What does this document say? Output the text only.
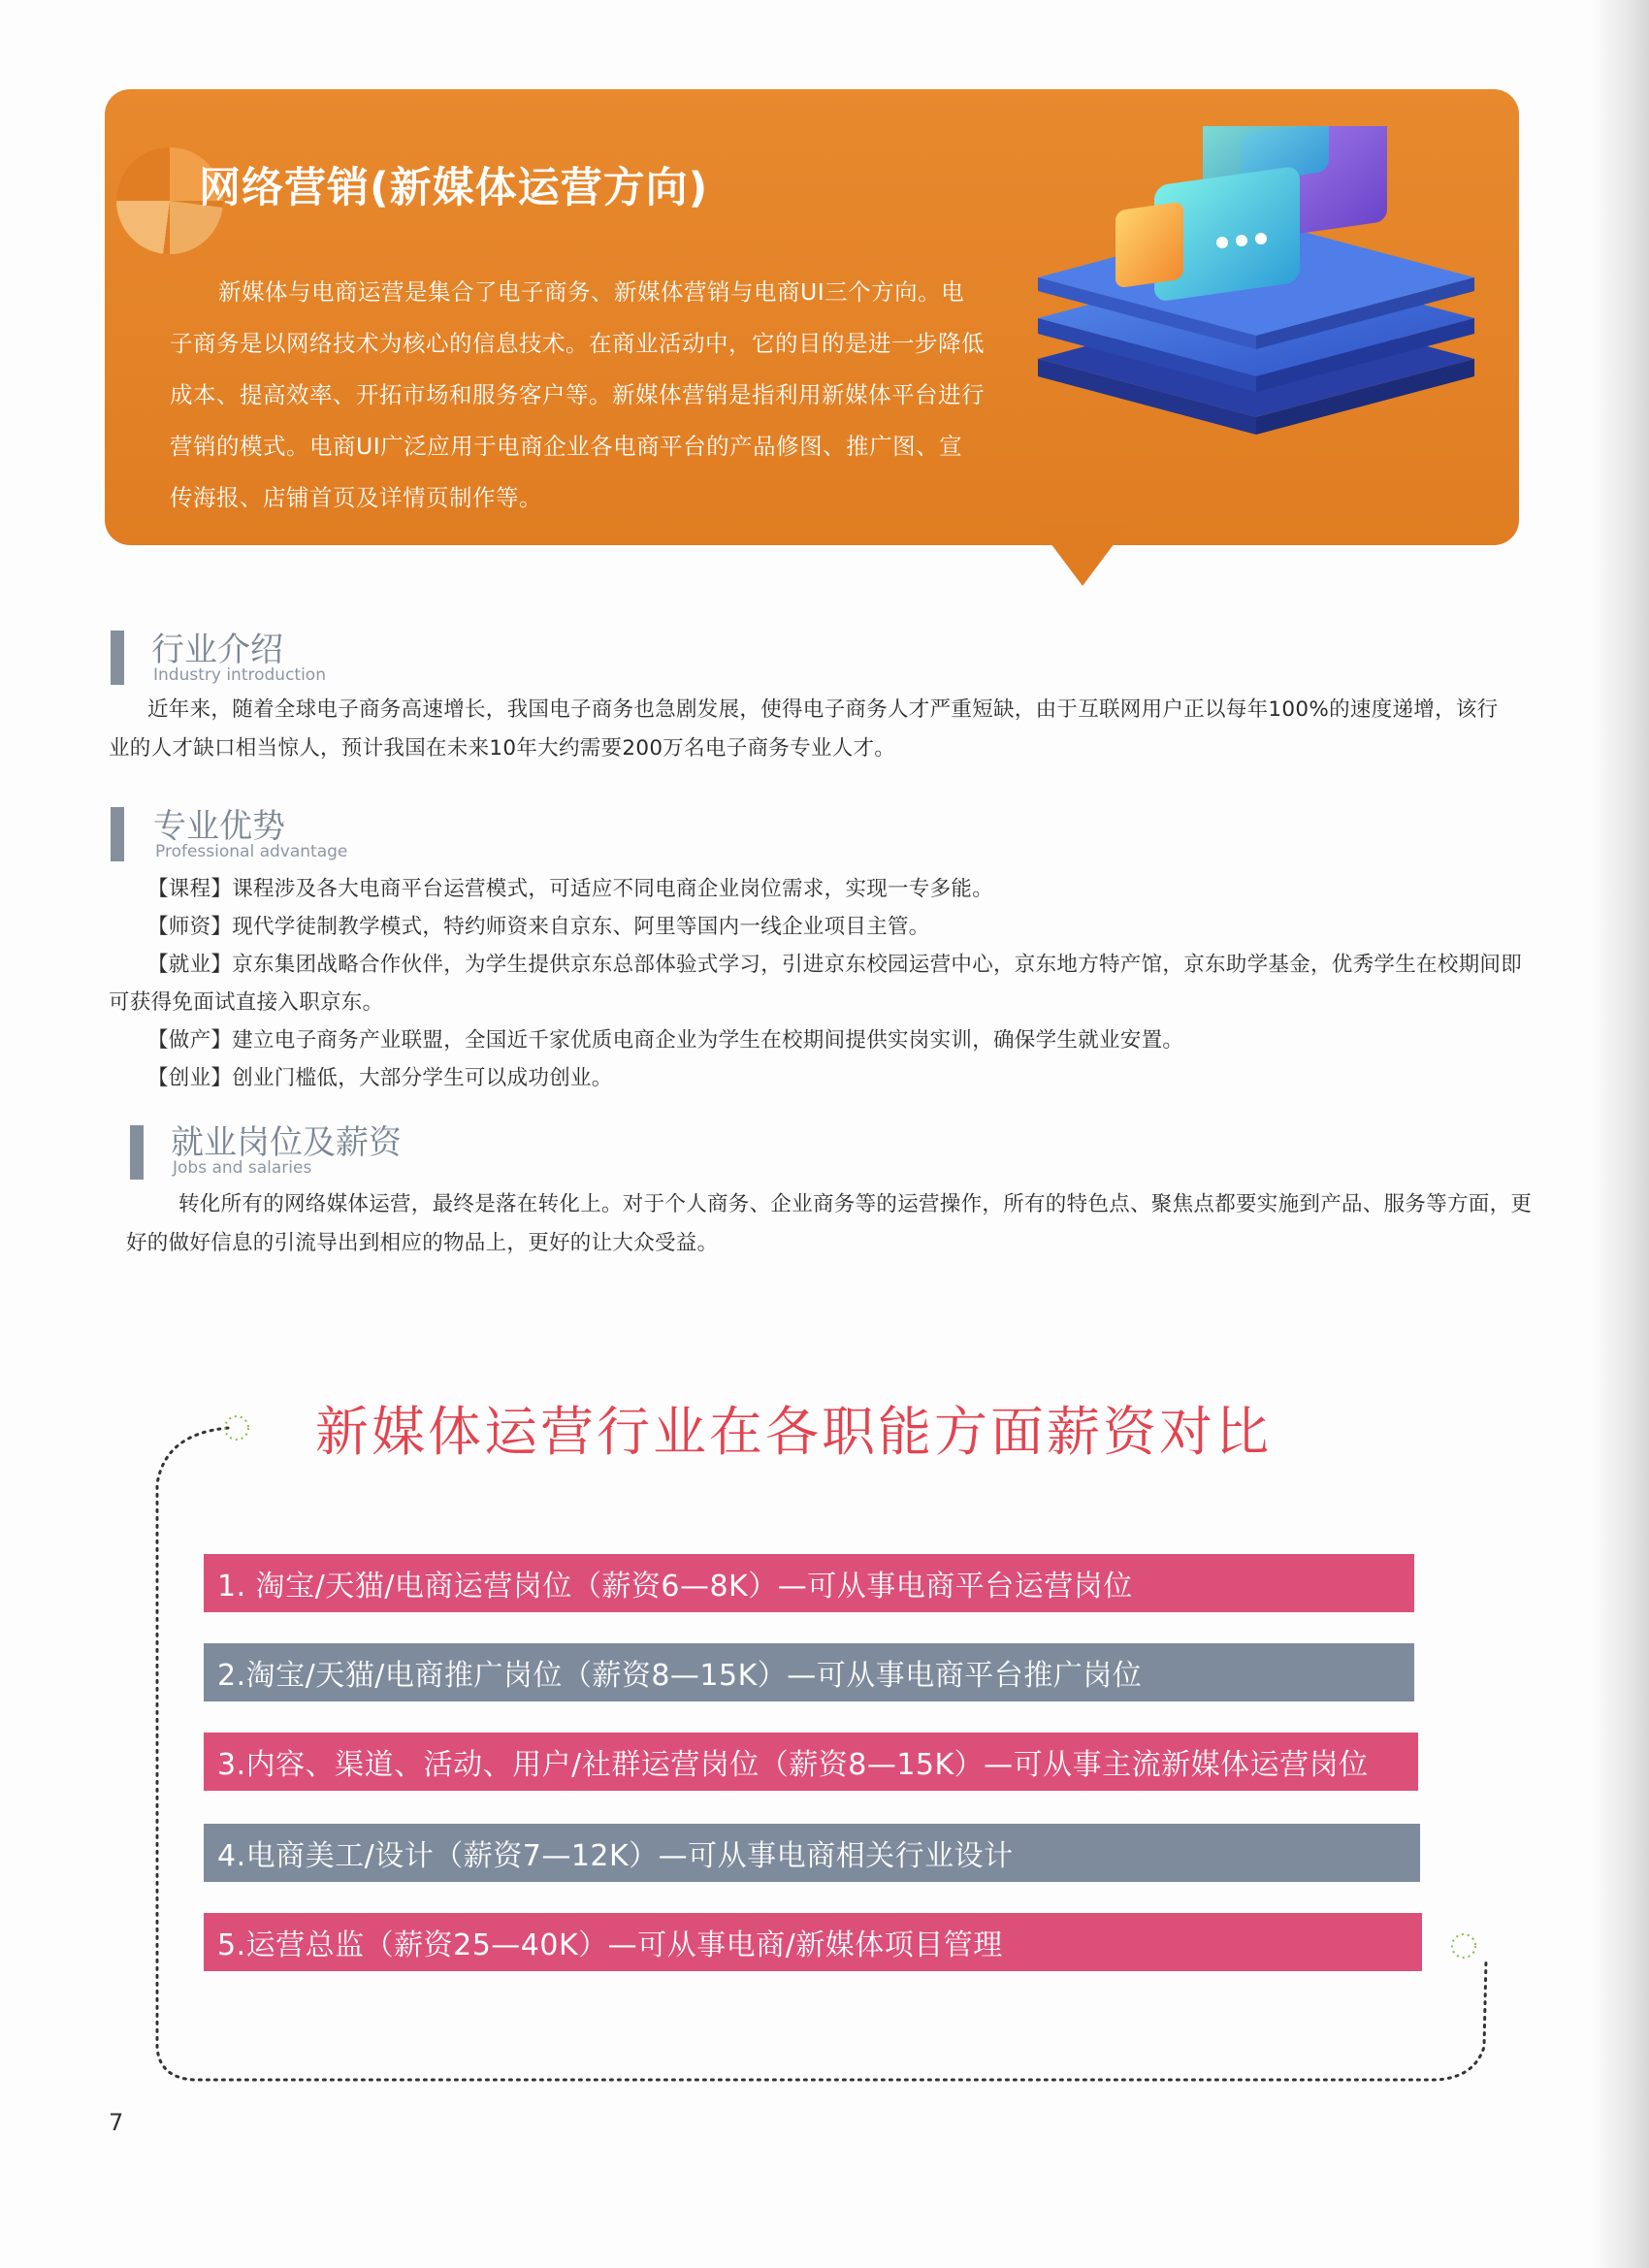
网络营销(新媒体运营方向)
新媒体与电商运营是集合了电子商务、新媒体营销与电商UI三个方向。电子商务是以网络技术为核心的信息技术。在商业活动中，它的目的是进一步降低成本、提高效率、开拓市场和服务客户等。新媒体营销是指利用新媒体平台进行营销的模式。电商UI广泛应用于电商企业各电商平台的产品修图、推广图、宣传海报、店铺首页及详情页制作等。
行业介绍
Industry introduction
近年来，随着全球电子商务高速增长，我国电子商务也急剧发展，使得电子商务人才严重短缺，由于互联网用户正以每年100%的速度递增，该行
业的人才缺口相当惊人，预计我国在未来10年大约需要200万名电子商务专业人才。
专业优势
Professional advantage
【课程】课程涉及各大电商平台运营模式，可适应不同电商企业岗位需求，实现一专多能。
【师资】现代学徒制教学模式，特约师资来自京东、阿里等国内一线企业项目主管。
【就业】京东集团战略合作伙伴，为学生提供京东总部体验式学习，引进京东校园运营中心，京东地方特产馆，京东助学基金，优秀学生在校期间即
可获得免面试直接入职京东。
【做产】建立电子商务产业联盟，全国近千家优质电商企业为学生在校期间提供实岗实训，确保学生就业安置。
【创业】创业门槛低，大部分学生可以成功创业。
就业岗位及薪资
Jobs and salaries
转化所有的网络媒体运营，最终是落在转化上。对于个人商务、企业商务等的运营操作，所有的特色点、聚焦点都要实施到产品、服务等方面，更
好的做好信息的引流导出到相应的物品上，更好的让大众受益。
新媒体运营行业在各职能方面薪资对比
1. 淘宝/天猫/电商运营岗位（薪资6—8K）—可从事电商平台运营岗位
2.淘宝/天猫/电商推广岗位（薪资8—15K）—可从事电商平台推广岗位
3.内容、渠道、活动、用户/社群运营岗位（薪资8—15K）—可从事主流新媒体运营岗位
4.电商美工/设计（薪资7—12K）—可从事电商相关行业设计
5.运营总监（薪资25—40K）—可从事电商/新媒体项目管理
7
